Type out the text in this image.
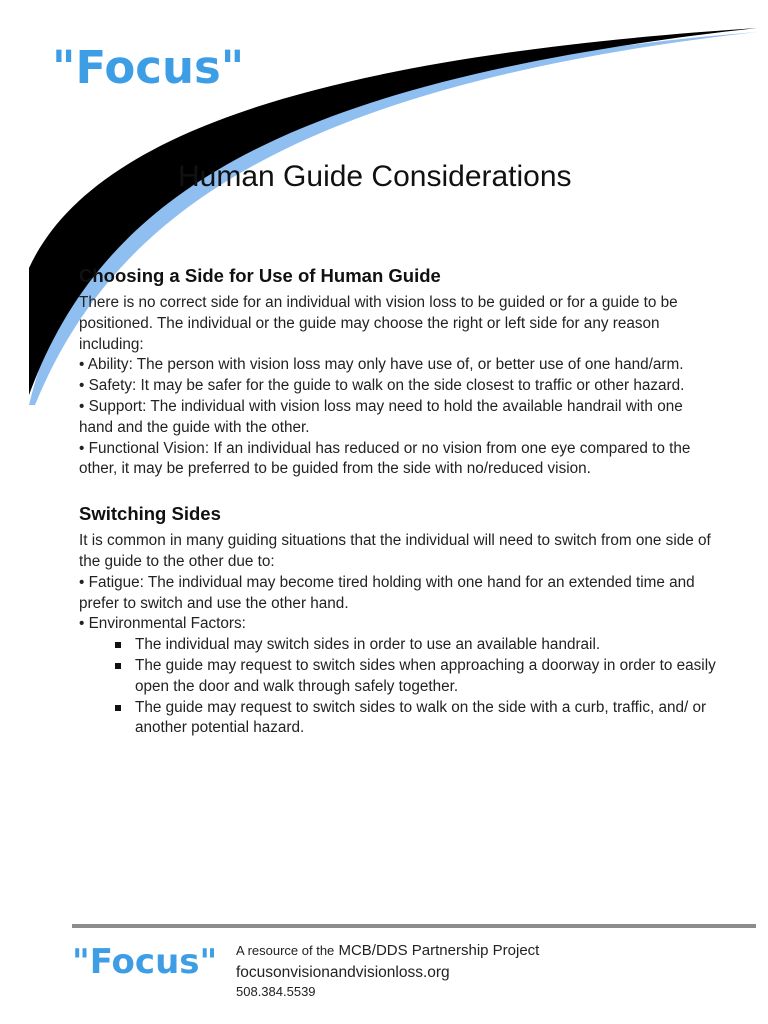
"Focus"
Human Guide Considerations
Choosing a Side for Use of Human Guide

There is no correct side for an individual with vision loss to be guided or for a guide to be positioned. The individual or the guide may choose the right or left side for any reason including:

• Ability: The person with vision loss may only have use of, or better use of one hand/arm.

• Safety: It may be safer for the guide to walk on the side closest to traffic or other hazard.

• Support: The individual with vision loss may need to hold the available handrail with one hand and the guide with the other.

• Functional Vision: If an individual has reduced or no vision from one eye compared to the other, it may be preferred to be guided from the side with no/reduced vision.

Switching Sides

It is common in many guiding situations that the individual will need to switch from one side of the guide to the other due to:

• Fatigue: The individual may become tired holding with one hand for an extended time and prefer to switch and use the other hand.

• Environmental Factors:

The individual may switch sides in order to use an available handrail.
The guide may request to switch sides when approaching a doorway in order to easily open the door and walk through safely together.
The guide may request to switch sides to walk on the side with a curb, traffic, and/ or another potential hazard.
"Focus" A resource of the MCB/DDS Partnership Project
focusonvisionandvisionloss.org
508.384.5539
